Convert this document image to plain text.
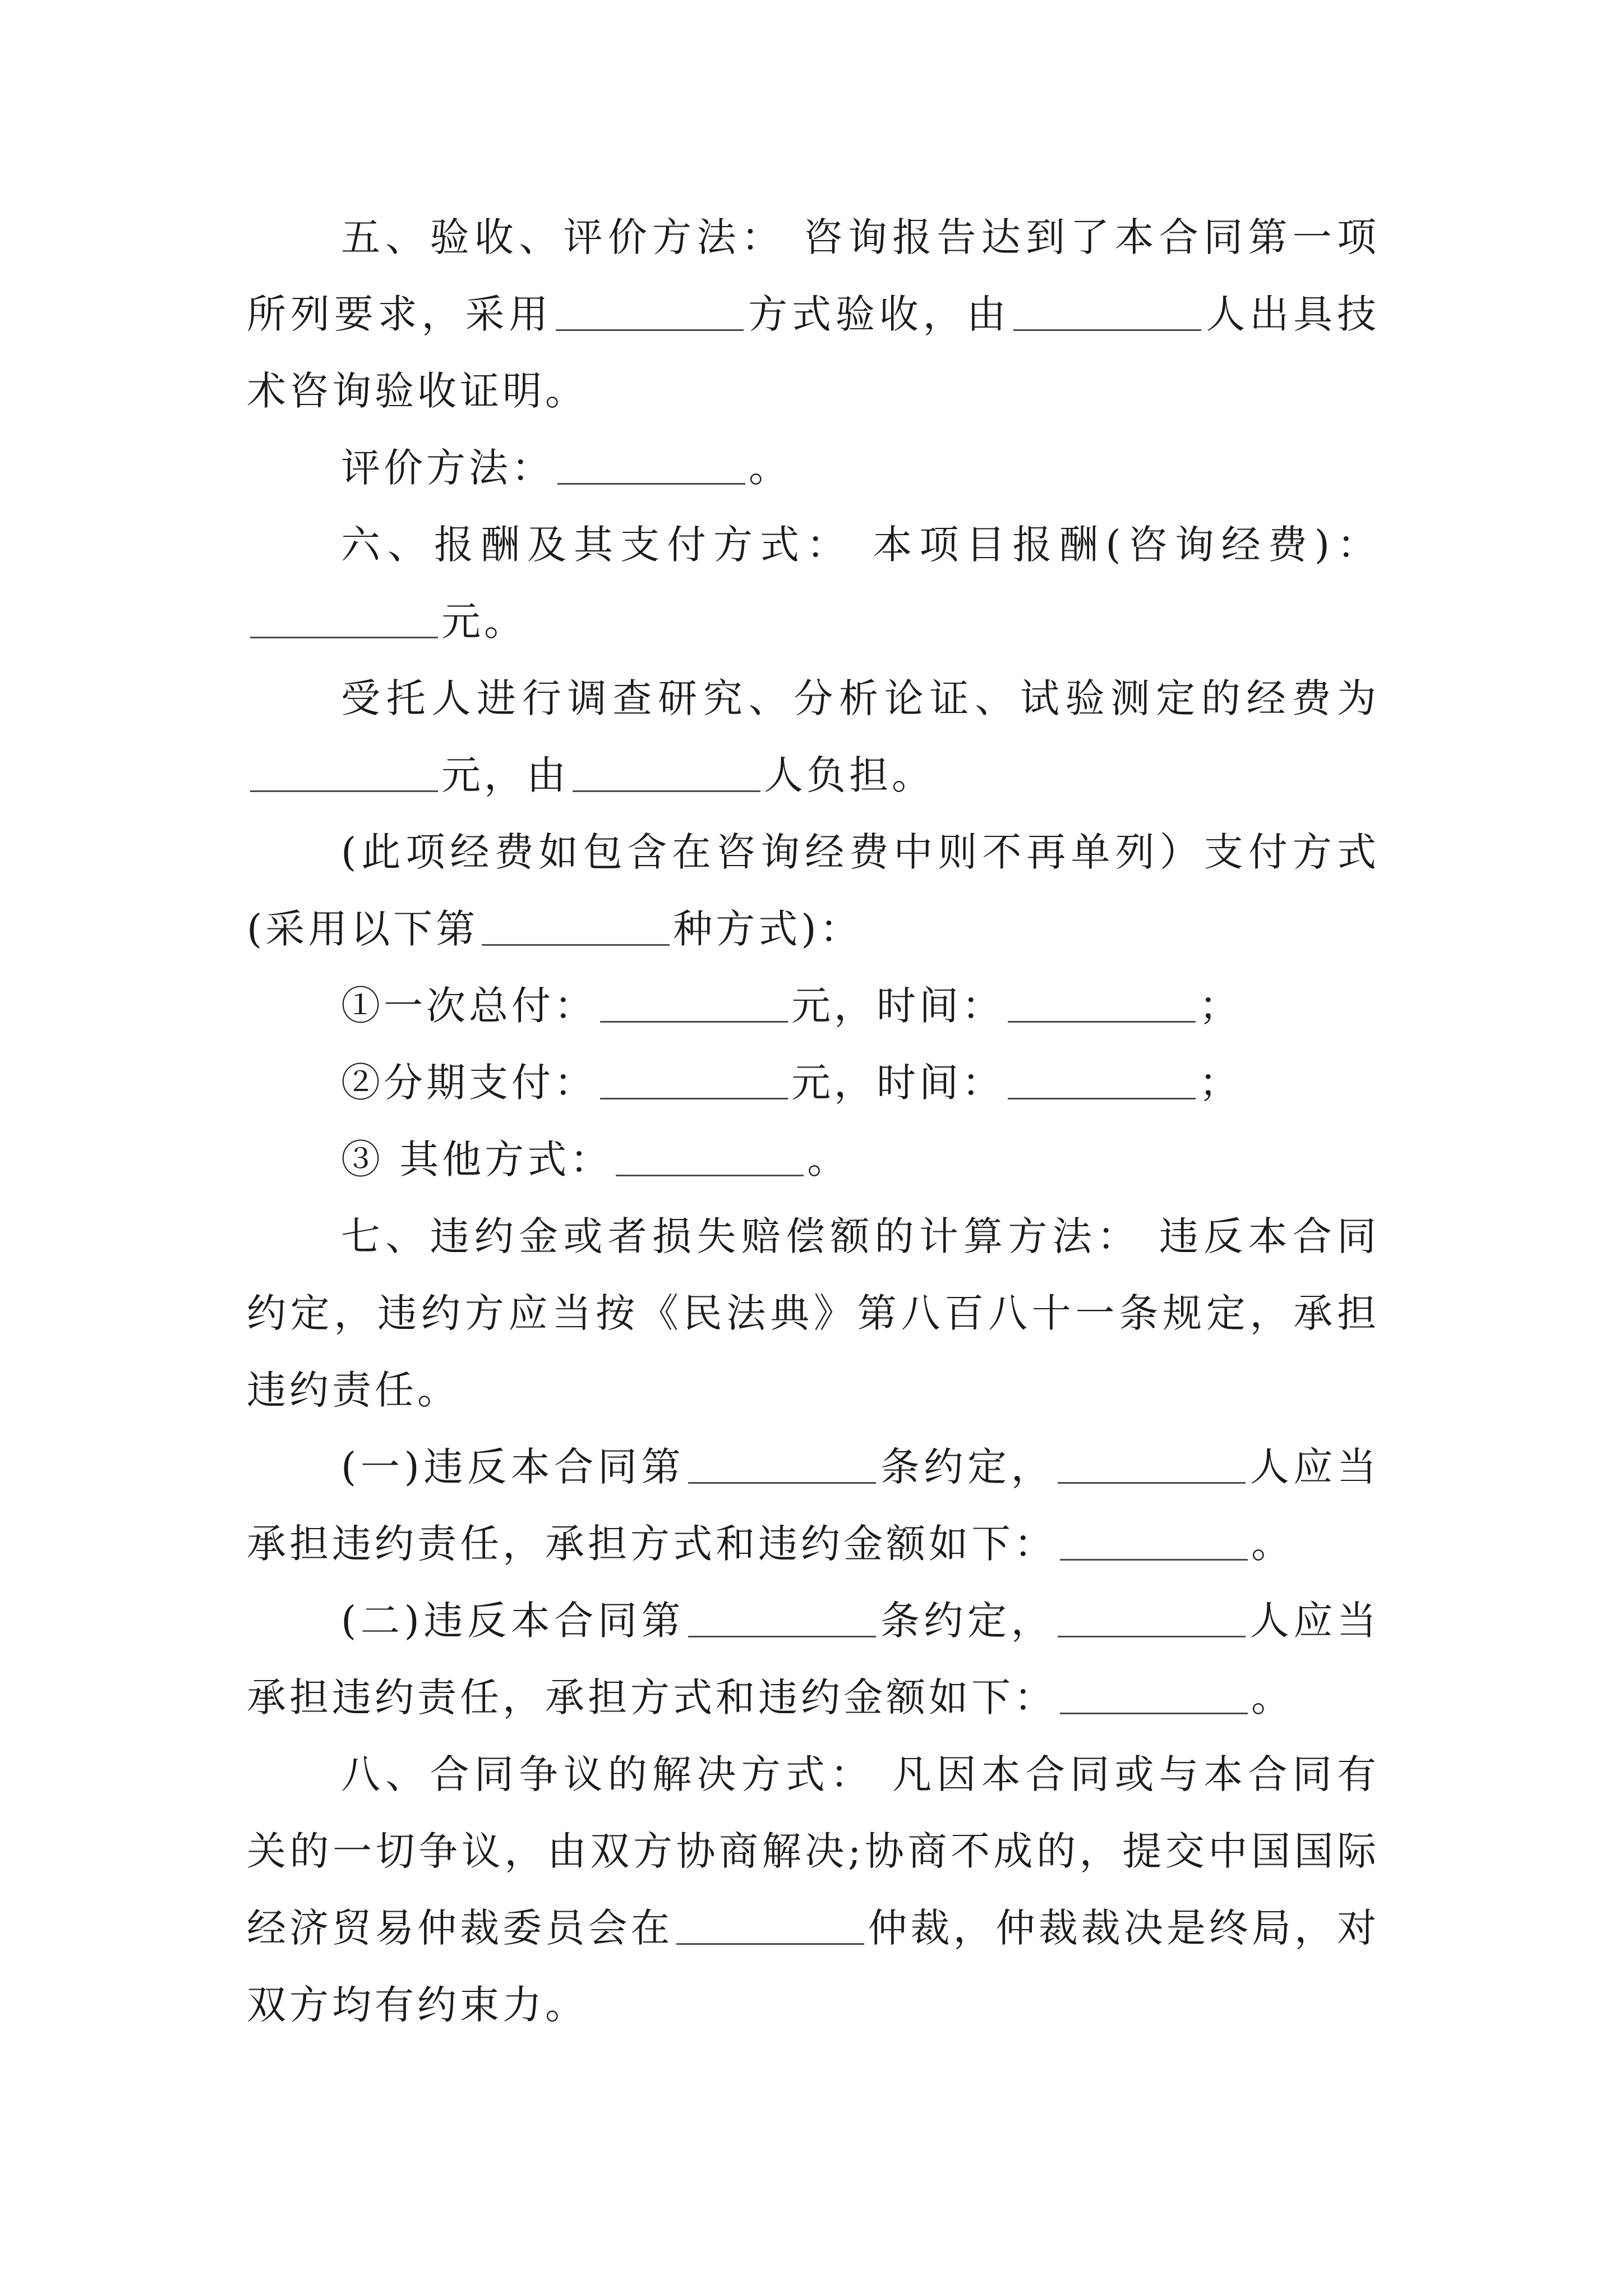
五、验收、评价方法： 咨询报告达到了本合同第一项所列要求，采用	方式验收，由	人出具技术咨询验收证明。

评价方法：	。

六、报酬及其支付方式： 本项目报酬(咨询经费)：元。

受托人进行调查研究、分析论证、试验测定的经费为元，由	人负担。

(此项经费如包含在咨询经费中则不再单列）支付方式(采用以下第	种方式)：

①一次总付：	元，时间：	；

②分期支付：	元，时间：	；

③ 其他方式：	。

七、违约金或者损失赔偿额的计算方法： 违反本合同约定，违约方应当按《民法典》第八百八十一条规定，承担违约责任。

(一)违反本合同第	条约定，	人应当承担违约责任，承担方式和违约金额如下：	。

(二)违反本合同第	条约定，	人应当承担违约责任，承担方式和违约金额如下：	。

八、合同争议的解决方式： 凡因本合同或与本合同有关的一切争议，由双方协商解决;协商不成的，提交中国国际经济贸易仲裁委员会在	仲裁，仲裁裁决是终局，对双方均有约束力。
